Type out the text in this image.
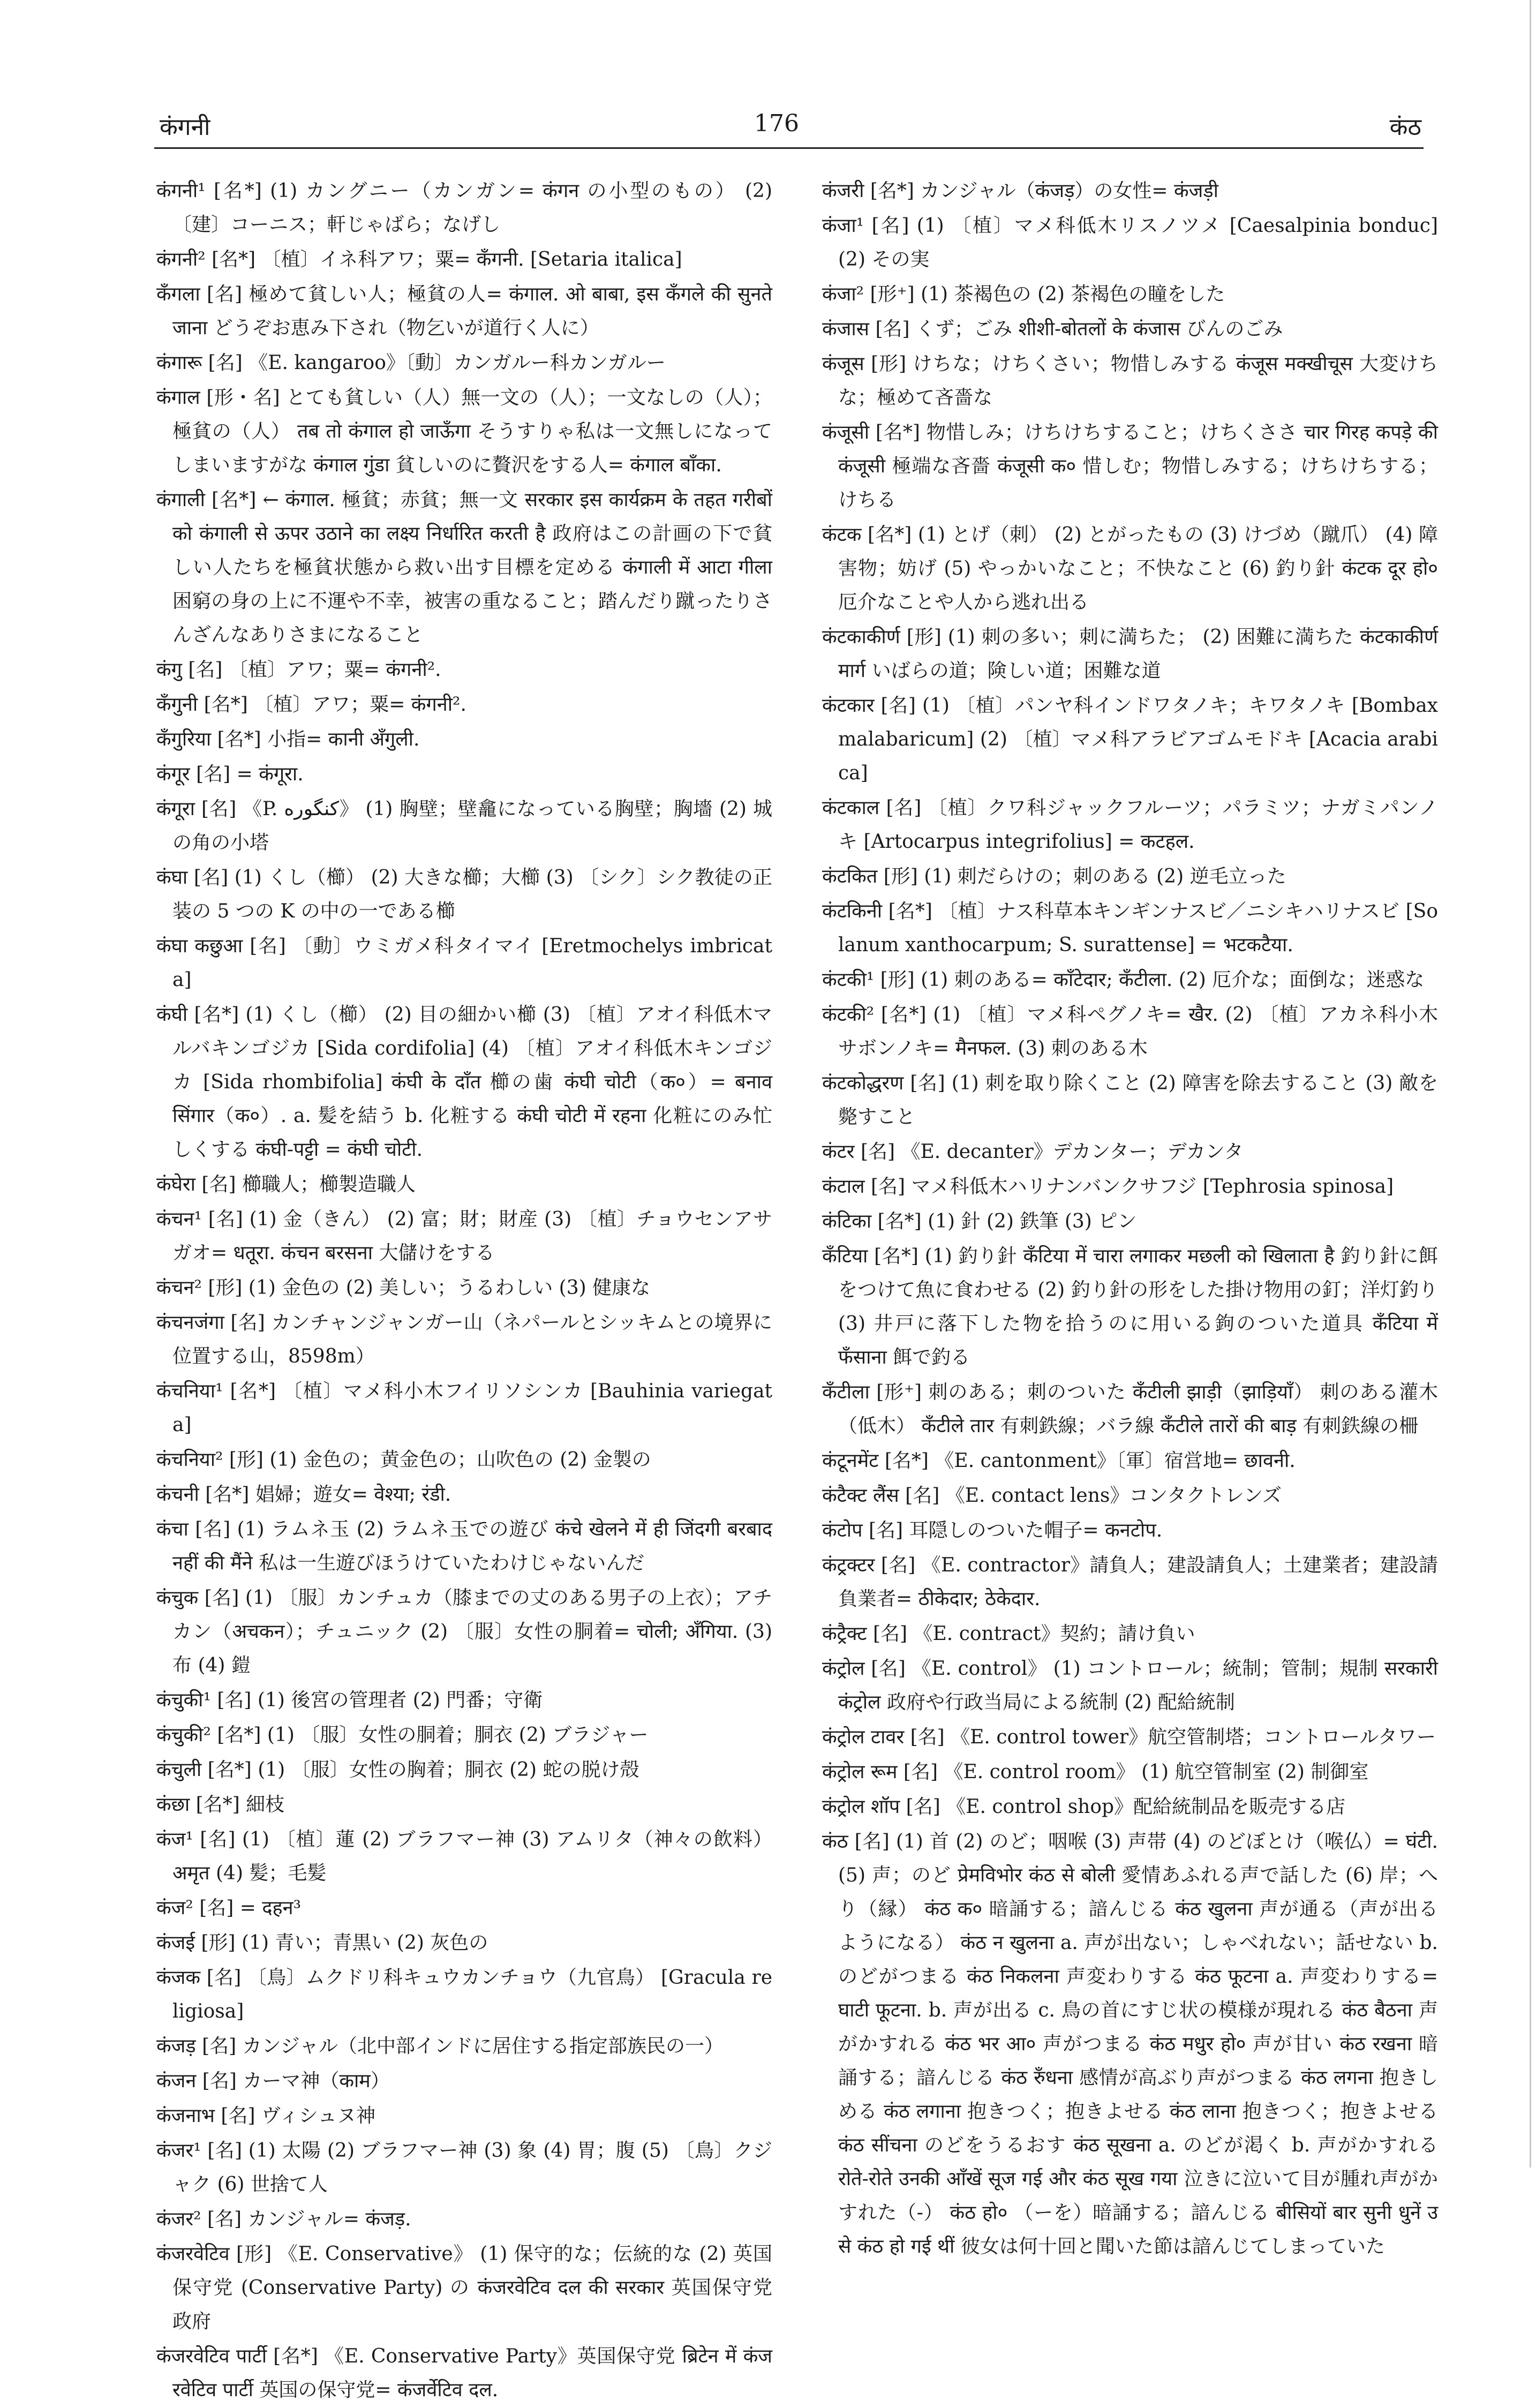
कंगनी	176	कंठ

कंगनी¹ [名*] (1) カングニー（カンガン= कंगन の小型のもの） (2) 〔建〕コーニス；軒じゃばら；なげし

कंगनी² [名*] 〔植〕イネ科アワ；粟= कँगनी. [Setaria italica]

कँगला [名] 極めて貧しい人；極貧の人= कंगाल. ओ बाबा, इस कँगले की सुनते जाना どうぞお恵み下され（物乞いが道行く人に）

कंगारू [名] 《E. kangaroo》〔動〕カンガルー科カンガルー

कंगाल [形・名] とても貧しい（人）無一文の（人）；一文なしの（人）；極貧の（人） तब तो कंगाल हो जाऊँगा そうすりゃ私は一文無しになってしまいますがな कंगाल गुंडा 貧しいのに贅沢をする人= कंगाल बाँका.

कंगाली [名*] ← कंगाल. 極貧；赤貧；無一文 सरकार इस कार्यक्रम के तहत गरीबों को कंगाली से ऊपर उठाने का लक्ष्य निर्धारित करती है 政府はこの計画の下で貧しい人たちを極貧状態から救い出す目標を定める कंगाली में आटा गीला 困窮の身の上に不運や不幸，被害の重なること；踏んだり蹴ったりさんざんなありさまになること

कंगु [名] 〔植〕アワ；粟= कंगनी².

कँगुनी [名*] 〔植〕アワ；粟= कंगनी².

कँगुरिया [名*] 小指= कानी अँगुली.

कंगूर [名] = कंगूरा.

कंगूरा [名] 《P. کنگوره》 (1) 胸壁；壁龕になっている胸壁；胸墻 (2) 城の角の小塔

कंघा [名] (1) くし（櫛） (2) 大きな櫛；大櫛 (3) 〔シク〕シク教徒の正装の 5 つの K の中の一である櫛

कंघा कछुआ [名] 〔動〕ウミガメ科タイマイ [Eretmochelys imbricata]

कंघी [名*] (1) くし（櫛） (2) 目の細かい櫛 (3) 〔植〕アオイ科低木マルバキンゴジカ [Sida cordifolia] (4) 〔植〕アオイ科低木キンゴジカ [Sida rhombifolia] कंघी के दाँत 櫛の歯 कंघी चोटी（क०）= बनाव सिंगार（क०）. a. 髪を結う b. 化粧する कंघी चोटी में रहना 化粧にのみ忙しくする कंघी-पट्टी = कंघी चोटी.

कंघेरा [名] 櫛職人；櫛製造職人

कंचन¹ [名] (1) 金（きん） (2) 富；財；財産 (3) 〔植〕チョウセンアサガオ= धतूरा. कंचन बरसना 大儲けをする

कंचन² [形] (1) 金色の (2) 美しい；うるわしい (3) 健康な

कंचनजंगा [名] カンチャンジャンガー山（ネパールとシッキムとの境界に位置する山，8598m）

कंचनिया¹ [名*] 〔植〕マメ科小木フイリソシンカ [Bauhinia variegata]

कंचनिया² [形] (1) 金色の；黄金色の；山吹色の (2) 金製の

कंचनी [名*] 娼婦；遊女= वेश्या; रंडी.

कंचा [名] (1) ラムネ玉 (2) ラムネ玉での遊び कंचे खेलने में ही जिंदगी बरबाद नहीं की मैंने 私は一生遊びほうけていたわけじゃないんだ

कंचुक [名] (1) 〔服〕カンチュカ（膝までの丈のある男子の上衣）；アチカン（अचकन）；チュニック (2) 〔服〕女性の胴着= चोली; अँगिया. (3) 布 (4) 鎧

कंचुकी¹ [名] (1) 後宮の管理者 (2) 門番；守衛

कंचुकी² [名*] (1) 〔服〕女性の胴着；胴衣 (2) ブラジャー

कंचुली [名*] (1) 〔服〕女性の胸着；胴衣 (2) 蛇の脱け殻

कंछा [名*] 細枝

कंज¹ [名] (1) 〔植〕蓮 (2) ブラフマー神 (3) アムリタ（神々の飲料） अमृत (4) 髪；毛髪

कंज² [名] = दहन³

कंजई [形] (1) 青い；青黒い (2) 灰色の

कंजक [名] 〔鳥〕ムクドリ科キュウカンチョウ（九官鳥） [Gracula religiosa]

कंजड़ [名] カンジャル（北中部インドに居住する指定部族民の一）

कंजन [名] カーマ神（काम）

कंजनाभ [名] ヴィシュヌ神

कंजर¹ [名] (1) 太陽 (2) ブラフマー神 (3) 象 (4) 胃；腹 (5) 〔鳥〕クジャク (6) 世捨て人

कंजर² [名] カンジャル= कंजड़.

कंजरवेटिव [形] 《E. Conservative》 (1) 保守的な；伝統的な (2) 英国保守党 (Conservative Party) の कंजरवेटिव दल की सरकार 英国保守党政府

कंजरवेटिव पार्टी [名*] 《E. Conservative Party》英国保守党 ब्रिटेन में कंजरवेटिव पार्टी 英国の保守党= कंजर्वेटिव दल.

कंजरी [名*] カンジャル（कंजड़）の女性= कंजड़ी

कंजा¹ [名] (1) 〔植〕マメ科低木リスノツメ [Caesalpinia bonduc] (2) その実

कंजा² [形⁺] (1) 茶褐色の (2) 茶褐色の瞳をした

कंजास [名] くず；ごみ शीशी-बोतलों के कंजास びんのごみ

कंजूस [形] けちな；けちくさい；物惜しみする कंजूस मक्खीचूस 大変けちな；極めて吝嗇な

कंजूसी [名*] 物惜しみ；けちけちすること；けちくささ चार गिरह कपड़े की कंजूसी 極端な吝嗇 कंजूसी क० 惜しむ；物惜しみする；けちけちする；けちる

कंटक [名*] (1) とげ（刺） (2) とがったもの (3) けづめ（蹴爪） (4) 障害物；妨げ (5) やっかいなこと；不快なこと (6) 釣り針 कंटक दूर हो० 厄介なことや人から逃れ出る

कंटकाकीर्ण [形] (1) 刺の多い；刺に満ちた； (2) 困難に満ちた कंटकाकीर्ण मार्ग いばらの道；険しい道；困難な道

कंटकार [名] (1) 〔植〕パンヤ科インドワタノキ；キワタノキ [Bombax malabaricum] (2) 〔植〕マメ科アラビアゴムモドキ [Acacia arabica]

कंटकाल [名] 〔植〕クワ科ジャックフルーツ；パラミツ；ナガミパンノキ [Artocarpus integrifolius] = कटहल.

कंटकित [形] (1) 刺だらけの；刺のある (2) 逆毛立った

कंटकिनी [名*] 〔植〕ナス科草本キンギンナスビ／ニシキハリナスビ [Solanum xanthocarpum; S. surattense] = भटकटैया.

कंटकी¹ [形] (1) 刺のある= काँटेदार; कँटीला. (2) 厄介な；面倒な；迷惑な

कंटकी² [名*] (1) 〔植〕マメ科ペグノキ= खैर. (2) 〔植〕アカネ科小木サボンノキ= मैनफल. (3) 刺のある木

कंटकोद्धरण [名] (1) 刺を取り除くこと (2) 障害を除去すること (3) 敵を斃すこと

कंटर [名] 《E. decanter》デカンター；デカンタ

कंटाल [名] マメ科低木ハリナンバンクサフジ [Tephrosia spinosa]

कंटिका [名*] (1) 針 (2) 鉄筆 (3) ピン

कँटिया [名*] (1) 釣り針 कँटिया में चारा लगाकर मछली को खिलाता है 釣り針に餌をつけて魚に食わせる (2) 釣り針の形をした掛け物用の釘；洋灯釣り (3) 井戸に落下した物を拾うのに用いる鉤のついた道具 कँटिया में फँसाना 餌で釣る

कँटीला [形⁺] 刺のある；刺のついた कँटीली झाड़ी（झाड़ियाँ） 刺のある灌木（低木） कँटीले तार 有刺鉄線；バラ線 कँटीले तारों की बाड़ 有刺鉄線の柵

कंटूनमेंट [名*] 《E. cantonment》〔軍〕宿営地= छावनी.

कंटैक्ट लैंस [名] 《E. contact lens》コンタクトレンズ

कंटोप [名] 耳隠しのついた帽子= कनटोप.

कंट्रक्टर [名] 《E. contractor》請負人；建設請負人；土建業者；建設請負業者= ठीकेदार; ठेकेदार.

कंट्रैक्ट [名] 《E. contract》契約；請け負い

कंट्रोल [名] 《E. control》 (1) コントロール；統制；管制；規制 सरकारी कंट्रोल 政府や行政当局による統制 (2) 配給統制

कंट्रोल टावर [名] 《E. control tower》航空管制塔；コントロールタワー

कंट्रोल रूम [名] 《E. control room》 (1) 航空管制室 (2) 制御室

कंट्रोल शॉप [名] 《E. control shop》配給統制品を販売する店

कंठ [名] (1) 首 (2) のど；咽喉 (3) 声帯 (4) のどぼとけ（喉仏）= घंटी. (5) 声；のど प्रेमविभोर कंठ से बोली 愛情あふれる声で話した (6) 岸；へり（縁） कंठ क० 暗誦する；諳んじる कंठ खुलना 声が通る（声が出るようになる） कंठ न खुलना a. 声が出ない；しゃべれない；話せない b. のどがつまる कंठ निकलना 声変わりする कंठ फूटना a. 声変わりする= घाटी फूटना. b. 声が出る c. 鳥の首にすじ状の模様が現れる कंठ बैठना 声がかすれる कंठ भर आ० 声がつまる कंठ मधुर हो० 声が甘い कंठ रखना 暗誦する；諳んじる कंठ रुँधना 感情が高ぶり声がつまる कंठ लगना 抱きしめる कंठ लगाना 抱きつく；抱きよせる कंठ लाना 抱きつく；抱きよせる कंठ सींचना のどをうるおす कंठ सूखना a. のどが渇く b. 声がかすれる रोते-रोते उनकी आँखें सूज गई और कंठ सूख गया 泣きに泣いて目が腫れ声がかすれた（-） कंठ हो० （ーを）暗誦する；諳んじる बीसियों बार सुनी धुनें उसे कंठ हो गई थीं 彼女は何十回と聞いた節は諳んじてしまっていた
